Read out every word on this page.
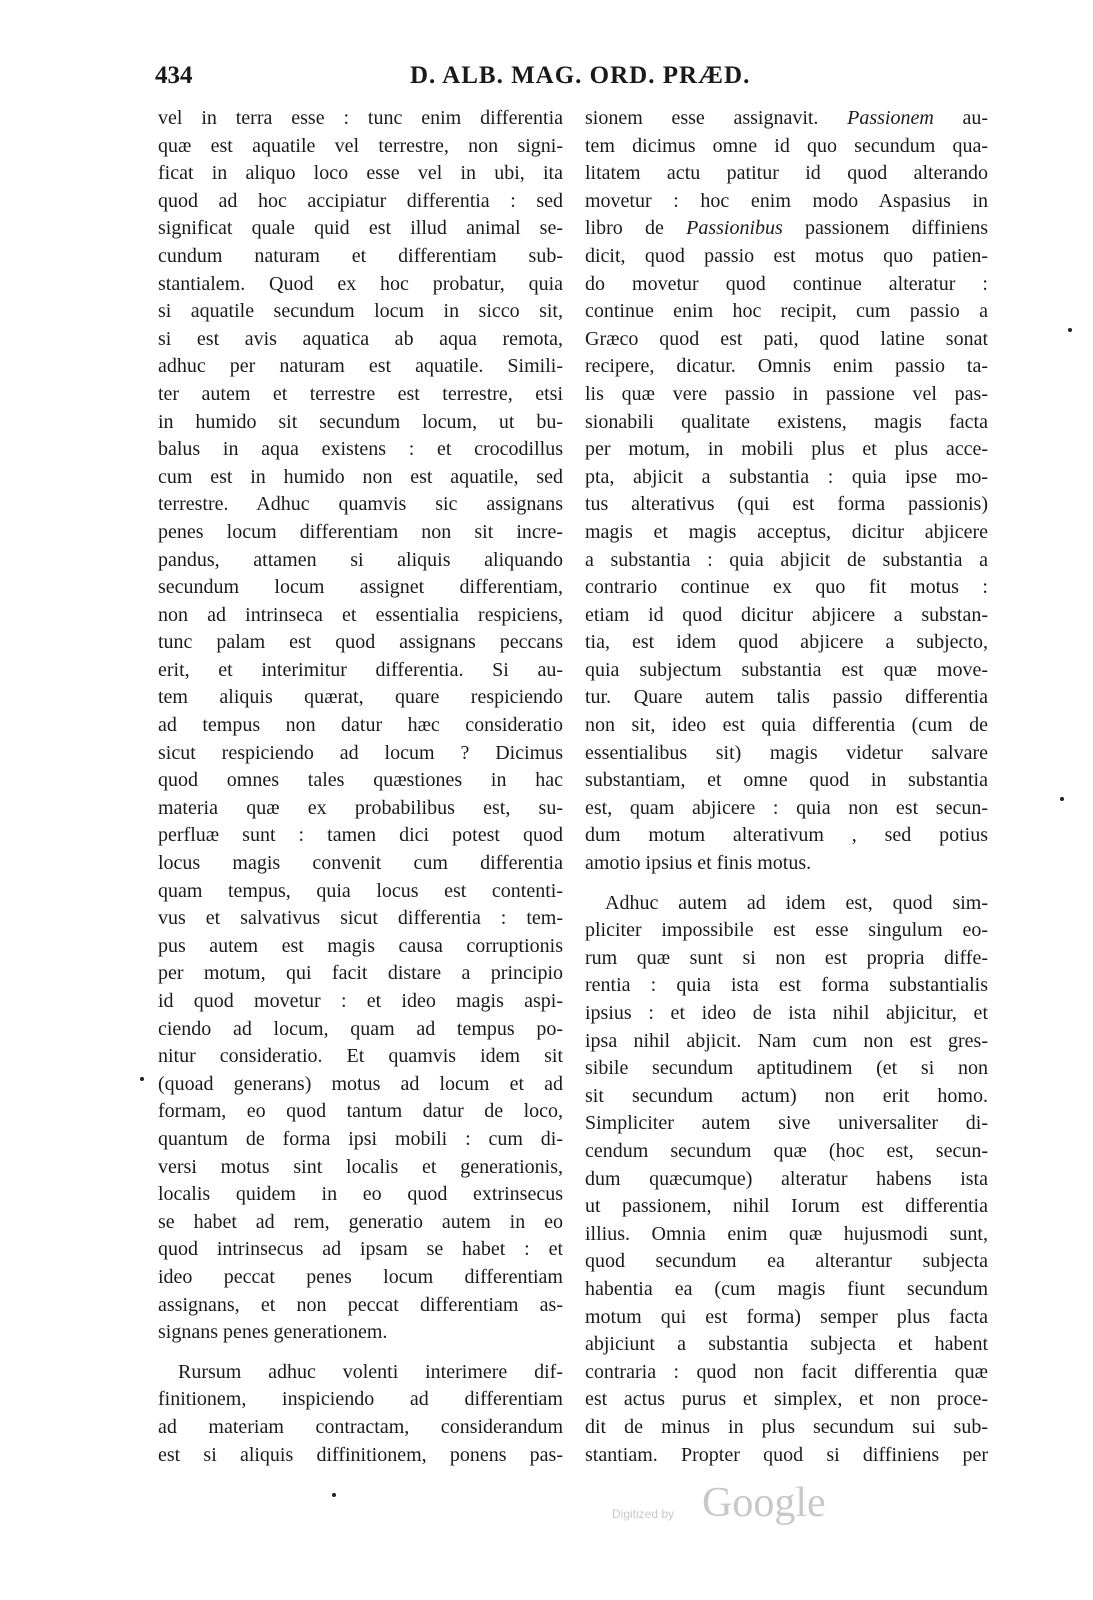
434	D. ALB. MAG. ORD. PRÆD.
vel in terra esse : tunc enim differentia
quæ est aquatile vel terrestre, non signi-
ficat in aliquo loco esse vel in ubi, ita
quod ad hoc accipiatur differentia : sed
significat quale quid est illud animal se-
cundum naturam et differentiam sub-
stantialem. Quod ex hoc probatur, quia
si aquatile secundum locum in sicco sit,
si est avis aquatica ab aqua remota,
adhuc per naturam est aquatile. Simili-
ter autem et terrestre est terrestre, etsi
in humido sit secundum locum, ut bu-
balus in aqua existens : et crocodillus
cum est in humido non est aquatile, sed
terrestre. Adhuc quamvis sic assignans
penes locum differentiam non sit incre-
pandus, attamen si aliquis aliquando
secundum locum assignet differentiam,
non ad intrinseca et essentialia respiciens,
tunc palam est quod assignans peccans
erit, et interimitur differentia. Si au-
tem aliquis quærat, quare respiciendo
ad tempus non datur hæc consideratio
sicut respiciendo ad locum ? Dicimus
quod omnes tales quæstiones in hac
materia quæ ex probabilibus est, su-
perfluæ sunt : tamen dici potest quod
locus magis convenit cum differentia
quam tempus, quia locus est contenti-
vus et salvativus sicut differentia : tem-
pus autem est magis causa corruptionis
per motum, qui facit distare a principio
id quod movetur : et ideo magis aspi-
ciendo ad locum, quam ad tempus po-
nitur consideratio. Et quamvis idem sit
(quoad generans) motus ad locum et ad
formam, eo quod tantum datur de loco,
quantum de forma ipsi mobili : cum di-
versi motus sint localis et generationis,
localis quidem in eo quod extrinsecus
se habet ad rem, generatio autem in eo
quod intrinsecus ad ipsam se habet : et
ideo peccat penes locum differentiam
assignans, et non peccat differentiam as-
signans penes generationem.
Rursum adhuc volenti interimere dif-
finitionem, inspiciendo ad differentiam
ad materiam contractam, considerandum
est si aliquis diffinitionem, ponens pas-
sionem esse assignavit. Passionem au-
tem dicimus omne id quo secundum qua-
litatem actu patitur id quod alterando
movetur : hoc enim modo Aspasius in
libro de Passionibus passionem diffiniens
dicit, quod passio est motus quo patien-
do movetur quod continue alteratur :
continue enim hoc recipit, cum passio a
Græco quod est pati, quod latine sonat
recipere, dicatur. Omnis enim passio ta-
lis quæ vere passio in passione vel pas-
sionabili qualitate existens, magis facta
per motum, in mobili plus et plus acce-
pta, abjicit a substantia : quia ipse mo-
tus alterativus (qui est forma passionis)
magis et magis acceptus, dicitur abjicere
a substantia : quia abjicit de substantia a
contrario continue ex quo fit motus :
etiam id quod dicitur abjicere a substan-
tia, est idem quod abjicere a subjecto,
quia subjectum substantia est quæ move-
tur. Quare autem talis passio differentia
non sit, ideo est quia differentia (cum de
essentialibus sit) magis videtur salvare
substantiam, et omne quod in substantia
est, quam abjicere : quia non est secun-
dum motum alterativum , sed potius
amotio ipsius et finis motus.
Adhuc autem ad idem est, quod sim-
pliciter impossibile est esse singulum eo-
rum quæ sunt si non est propria diffe-
rentia : quia ista est forma substantialis
ipsius : et ideo de ista nihil abjicitur, et
ipsa nihil abjicit. Nam cum non est gres-
sibile secundum aptitudinem (et si non
sit secundum actum) non erit homo.
Simpliciter autem sive universaliter di-
cendum secundum quæ (hoc est, secun-
dum quæcumque) alteratur habens ista
ut passionem, nihil Iorum est differentia
illius. Omnia enim quæ hujusmodi sunt,
quod secundum ea alterantur subjecta
habentia ea (cum magis fiunt secundum
motum qui est forma) semper plus facta
abjiciunt a substantia subjecta et habent
contraria : quod non facit differentia quæ
est actus purus et simplex, et non proce-
dit de minus in plus secundum sui sub-
stantiam. Propter quod si diffiniens per
Digitized by Google
